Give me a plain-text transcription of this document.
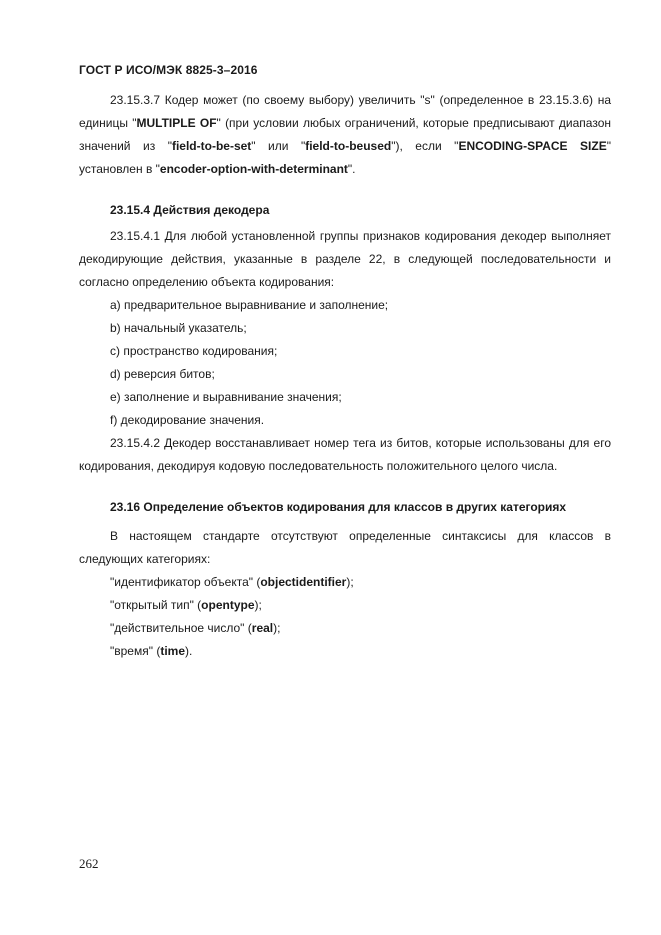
ГОСТ Р ИСО/МЭК 8825-3–2016

23.15.3.7 Кодер может (по своему выбору) увеличить "s" (определенное в 23.15.3.6) на единицы "MULTIPLE OF" (при условии любых ограничений, которые предписывают диапазон значений из "field-to-be-set" или "field-to-beused"), если "ENCODING-SPACE SIZE" установлен в "encoder-option-with-determinant".

23.15.4 Действия декодера

23.15.4.1 Для любой установленной группы признаков кодирования декодер выполняет декодирующие действия, указанные в разделе 22, в следующей последовательности и согласно определению объекта кодирования:

a) предварительное выравнивание и заполнение;

b) начальный указатель;

c) пространство кодирования;

d) реверсия битов;

e) заполнение и выравнивание значения;

f) декодирование значения.

23.15.4.2 Декодер восстанавливает номер тега из битов, которые использованы для его кодирования, декодируя кодовую последовательность положительного целого числа.

23.16 Определение объектов кодирования для классов в других категориях

В настоящем стандарте отсутствуют определенные синтаксисы для классов в следующих категориях:

"идентификатор объекта" (objectidentifier);

"открытый тип" (opentype);

"действительное число" (real);

"время" (time).

262
